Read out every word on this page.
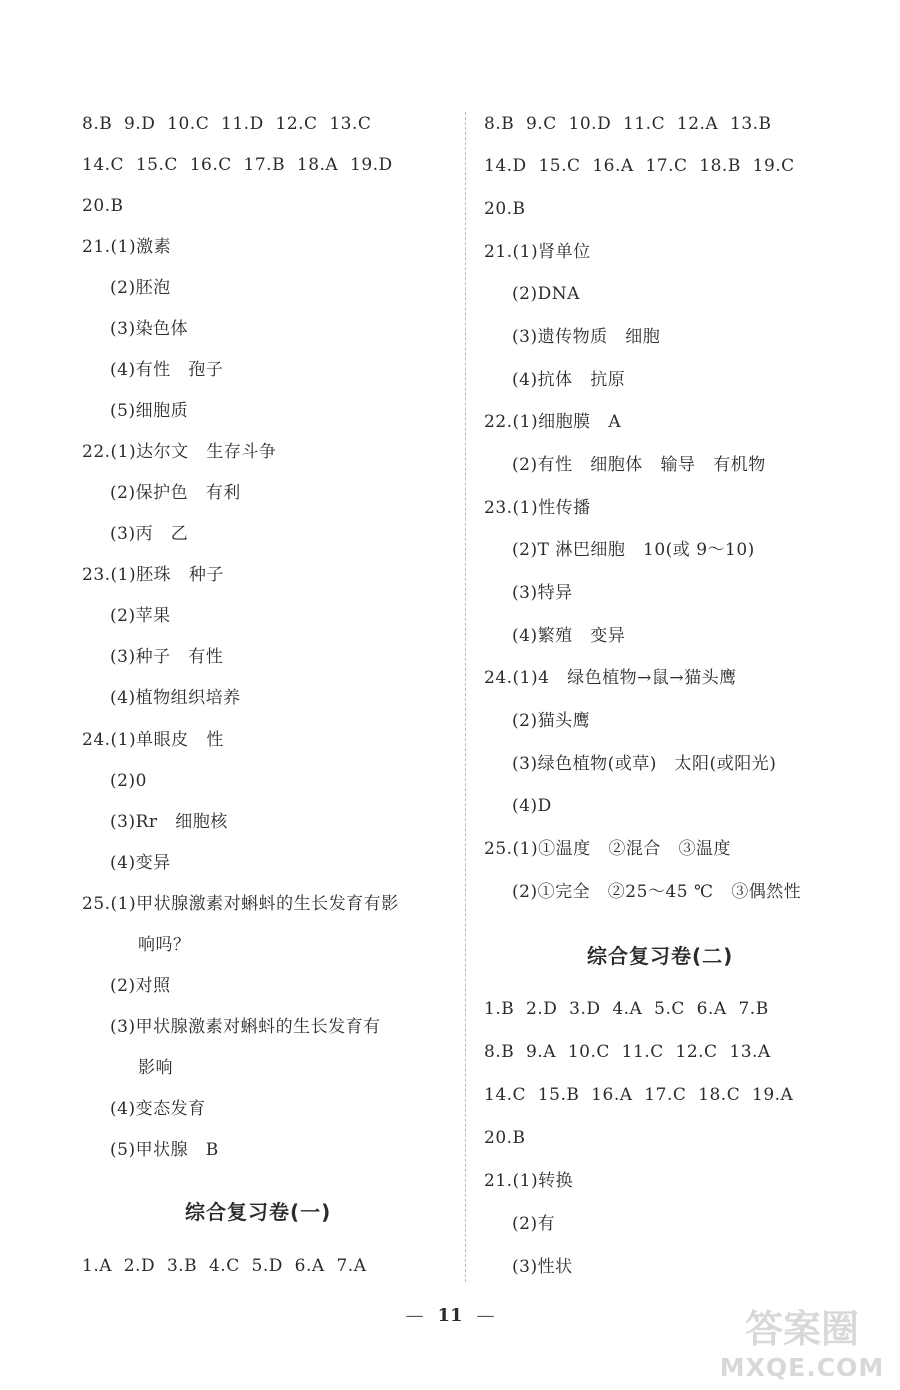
8.B  9.D  10.C  11.D  12.C  13.C
14.C  15.C  16.C  17.B  18.A  19.D
20.B
21.(1)激素
(2)胚泡
(3)染色体
(4)有性   孢子
(5)细胞质
22.(1)达尔文   生存斗争
(2)保护色   有利
(3)丙   乙
23.(1)胚珠   种子
(2)苹果
(3)种子   有性
(4)植物组织培养
24.(1)单眼皮   性
(2)0
(3)Rr   细胞核
(4)变异
25.(1)甲状腺激素对蝌蚪的生长发育有影
响吗？
(2)对照
(3)甲状腺激素对蝌蚪的生长发育有
影响
(4)变态发育
(5)甲状腺   B
综合复习卷(一)
1.A  2.D  3.B  4.C  5.D  6.A  7.A
8.B  9.C  10.D  11.C  12.A  13.B
14.D  15.C  16.A  17.C  18.B  19.C
20.B
21.(1)肾单位
(2)DNA
(3)遗传物质   细胞
(4)抗体   抗原
22.(1)细胞膜   A
(2)有性   细胞体   输导   有机物
23.(1)性传播
(2)T 淋巴细胞   10(或 9～10)
(3)特异
(4)繁殖   变异
24.(1)4   绿色植物→鼠→猫头鹰
(2)猫头鹰
(3)绿色植物(或草)   太阳(或阳光)
(4)D
25.(1)①温度   ②混合   ③温度
(2)①完全   ②25～45 ℃   ③偶然性
综合复习卷(二)
1.B  2.D  3.D  4.A  5.C  6.A  7.B
8.B  9.A  10.C  11.C  12.C  13.A
14.C  15.B  16.A  17.C  18.C  19.A
20.B
21.(1)转换
(2)有
(3)性状
— 11 —	答案圈
MXQE.COM
